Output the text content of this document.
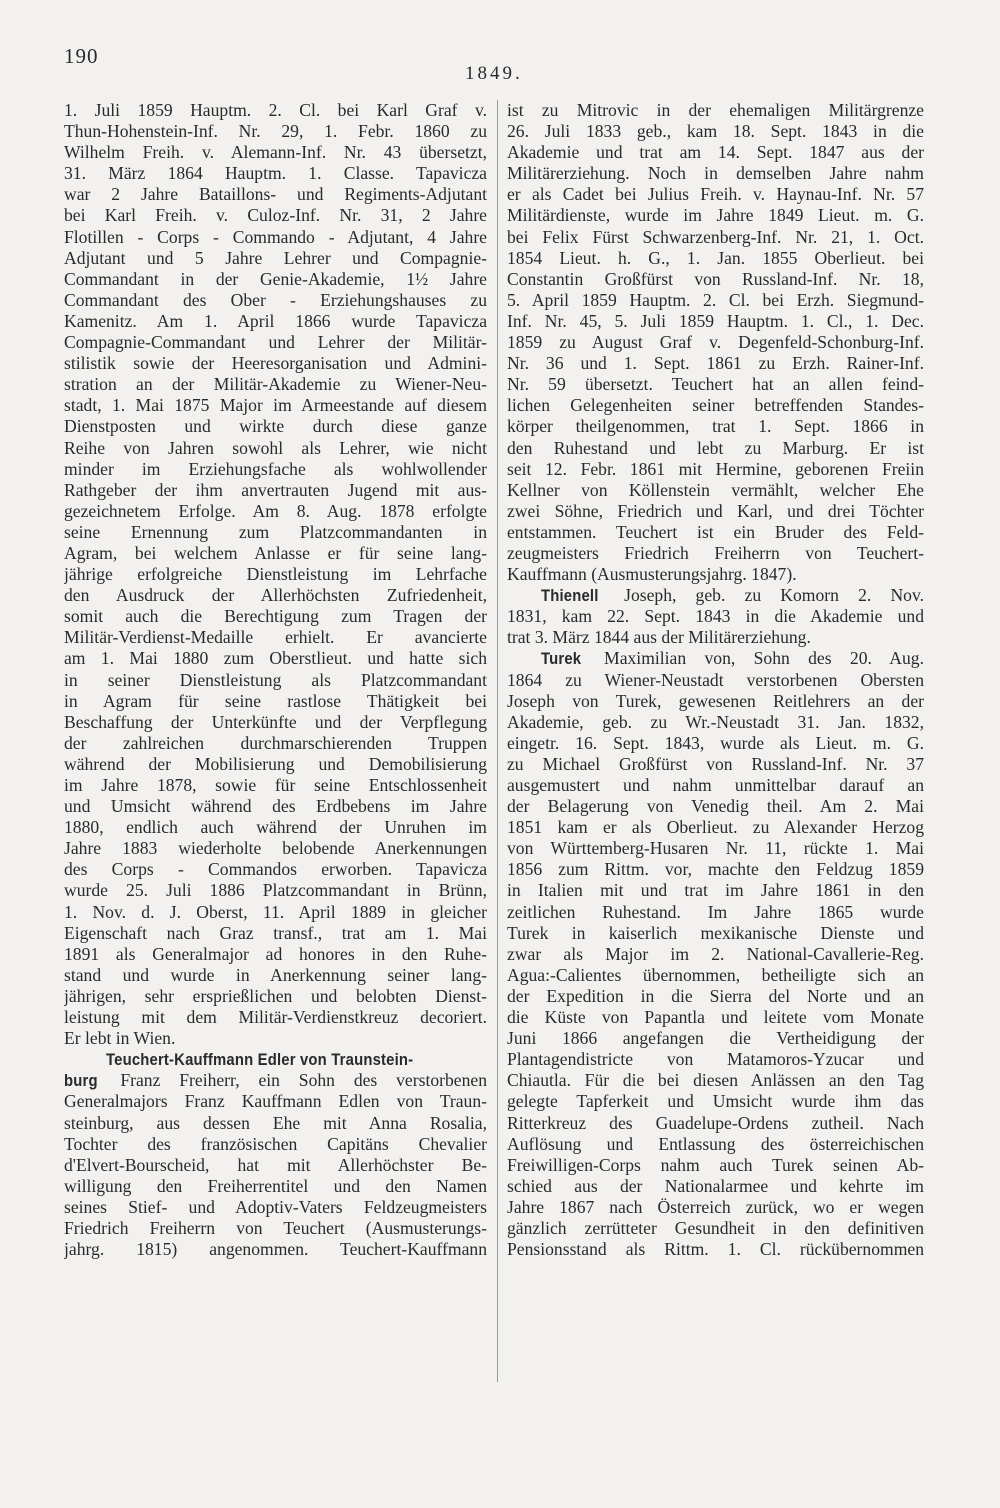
190
1849.
1. Juli 1859 Hauptm. 2. Cl. bei Karl Graf v.
Thun-Hohenstein-Inf. Nr. 29, 1. Febr. 1860 zu
Wilhelm Freih. v. Alemann-Inf. Nr. 43 übersetzt,
31. März 1864 Hauptm. 1. Classe. Tapavicza
war 2 Jahre Bataillons- und Regiments-Adjutant
bei Karl Freih. v. Culoz-Inf. Nr. 31, 2 Jahre
Flotillen - Corps - Commando - Adjutant, 4 Jahre
Adjutant und 5 Jahre Lehrer und Compagnie-
Commandant in der Genie-Akademie, 1½ Jahre
Commandant des Ober - Erziehungshauses zu
Kamenitz. Am 1. April 1866 wurde Tapavicza
Compagnie-Commandant und Lehrer der Militär-
stilistik sowie der Heeresorganisation und Admini-
stration an der Militär-Akademie zu Wiener-Neu-
stadt, 1. Mai 1875 Major im Armeestande auf diesem
Dienstposten und wirkte durch diese ganze
Reihe von Jahren sowohl als Lehrer, wie nicht
minder im Erziehungsfache als wohlwollender
Rathgeber der ihm anvertrauten Jugend mit aus-
gezeichnetem Erfolge. Am 8. Aug. 1878 erfolgte
seine Ernennung zum Platzcommandanten in
Agram, bei welchem Anlasse er für seine lang-
jährige erfolgreiche Dienstleistung im Lehrfache
den Ausdruck der Allerhöchsten Zufriedenheit,
somit auch die Berechtigung zum Tragen der
Militär-Verdienst-Medaille erhielt. Er avancierte
am 1. Mai 1880 zum Oberstlieut. und hatte sich
in seiner Dienstleistung als Platzcommandant
in Agram für seine rastlose Thätigkeit bei
Beschaffung der Unterkünfte und der Verpflegung
der zahlreichen durchmarschierenden Truppen
während der Mobilisierung und Demobilisierung
im Jahre 1878, sowie für seine Entschlossenheit
und Umsicht während des Erdbebens im Jahre
1880, endlich auch während der Unruhen im
Jahre 1883 wiederholte belobende Anerkennungen
des Corps - Commandos erworben. Tapavicza
wurde 25. Juli 1886 Platzcommandant in Brünn,
1. Nov. d. J. Oberst, 11. April 1889 in gleicher
Eigenschaft nach Graz transf., trat am 1. Mai
1891 als Generalmajor ad honores in den Ruhe-
stand und wurde in Anerkennung seiner lang-
jährigen, sehr ersprießlichen und belobten Dienst-
leistung mit dem Militär-Verdienstkreuz decoriert.
Er lebt in Wien.
Teuchert-Kauffmann Edler von Traunstein-
burg Franz Freiherr, ein Sohn des verstorbenen
Generalmajors Franz Kauffmann Edlen von Traun-
steinburg, aus dessen Ehe mit Anna Rosalia,
Tochter des französischen Capitäns Chevalier
d'Elvert-Bourscheid, hat mit Allerhöchster Be-
willigung den Freiherrentitel und den Namen
seines Stief- und Adoptiv-Vaters Feldzeugmeisters
Friedrich Freiherrn von Teuchert (Ausmusterungs-
jahrg. 1815) angenommen. Teuchert-Kauffmann
ist zu Mitrovic in der ehemaligen Militärgrenze
26. Juli 1833 geb., kam 18. Sept. 1843 in die
Akademie und trat am 14. Sept. 1847 aus der
Militärerziehung. Noch in demselben Jahre nahm
er als Cadet bei Julius Freih. v. Haynau-Inf. Nr. 57
Militärdienste, wurde im Jahre 1849 Lieut. m. G.
bei Felix Fürst Schwarzenberg-Inf. Nr. 21, 1. Oct.
1854 Lieut. h. G., 1. Jan. 1855 Oberlieut. bei
Constantin Großfürst von Russland-Inf. Nr. 18,
5. April 1859 Hauptm. 2. Cl. bei Erzh. Siegmund-
Inf. Nr. 45, 5. Juli 1859 Hauptm. 1. Cl., 1. Dec.
1859 zu August Graf v. Degenfeld-Schonburg-Inf.
Nr. 36 und 1. Sept. 1861 zu Erzh. Rainer-Inf.
Nr. 59 übersetzt. Teuchert hat an allen feind-
lichen Gelegenheiten seiner betreffenden Standes-
körper theilgenommen, trat 1. Sept. 1866 in
den Ruhestand und lebt zu Marburg. Er ist
seit 12. Febr. 1861 mit Hermine, geborenen Freiin
Kellner von Köllenstein vermählt, welcher Ehe
zwei Söhne, Friedrich und Karl, und drei Töchter
entstammen. Teuchert ist ein Bruder des Feld-
zeugmeisters Friedrich Freiherrn von Teuchert-
Kauffmann (Ausmusterungsjahrg. 1847).
Thienell Joseph, geb. zu Komorn 2. Nov.
1831, kam 22. Sept. 1843 in die Akademie und
trat 3. März 1844 aus der Militärerziehung.
Turek Maximilian von, Sohn des 20. Aug.
1864 zu Wiener-Neustadt verstorbenen Obersten
Joseph von Turek, gewesenen Reitlehrers an der
Akademie, geb. zu Wr.-Neustadt 31. Jan. 1832,
eingetr. 16. Sept. 1843, wurde als Lieut. m. G.
zu Michael Großfürst von Russland-Inf. Nr. 37
ausgemustert und nahm unmittelbar darauf an
der Belagerung von Venedig theil. Am 2. Mai
1851 kam er als Oberlieut. zu Alexander Herzog
von Württemberg-Husaren Nr. 11, rückte 1. Mai
1856 zum Rittm. vor, machte den Feldzug 1859
in Italien mit und trat im Jahre 1861 in den
zeitlichen Ruhestand. Im Jahre 1865 wurde
Turek in kaiserlich mexikanische Dienste und
zwar als Major im 2. National-Cavallerie-Reg.
Agua:-Calientes übernommen, betheiligte sich an
der Expedition in die Sierra del Norte und an
die Küste von Papantla und leitete vom Monate
Juni 1866 angefangen die Vertheidigung der
Plantagendistricte von Matamoros-Yzucar und
Chiautla. Für die bei diesen Anlässen an den Tag
gelegte Tapferkeit und Umsicht wurde ihm das
Ritterkreuz des Guadelupe-Ordens zutheil. Nach
Auflösung und Entlassung des österreichischen
Freiwilligen-Corps nahm auch Turek seinen Ab-
schied aus der Nationalarmee und kehrte im
Jahre 1867 nach Österreich zurück, wo er wegen
gänzlich zerrütteter Gesundheit in den definitiven
Pensionsstand als Rittm. 1. Cl. rückübernommen
